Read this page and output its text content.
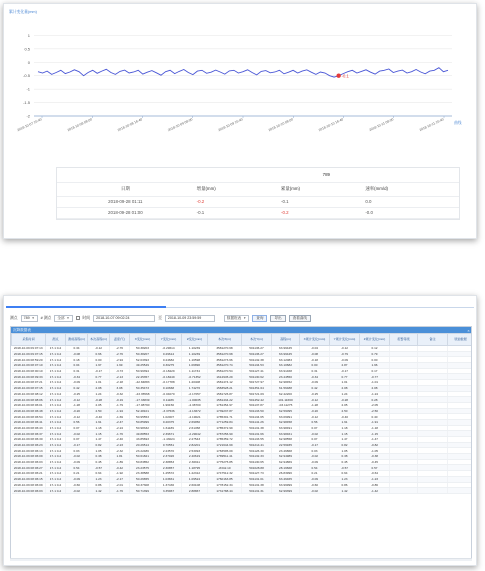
累计变化量(mm)
1
0.5
0
-0.5
-1
-1.5
-2
2018-10-07 16:40	2018-10-08 08:00	2018-10-08 16:40	2018-10-09 08:00	2018-10-09 16:40	2018-10-10 08:00	2018-10-10 16:40	2018-10-11 08:00	2018-10-11 16:40
-0.1
曲线
	789		
日期	增量(mm)	累量(mm)	速率(mm/d)
2018-09-28 01:11	-0.2	-0.1	0.0
2018-09-28 01:00	-0.1	-0.2	-0.0
测点 789 ▼ # 测点 全部 ▼	时间	2018-10-07 09:02:24	至	2018-10-09 23:59:59	数据报表 ▼	查询	导出	查看曲线
沉降数据表	×
采集时间	测点	测前高程(m)	本次高程(m)	温度(℃)	X变化(mm)	Y变化(mm)	Z变化(mm)	本次X(m)	本次Y(m)	高程(m)	X累计变化(mm)	Y累计变化(mm)	Z累计变化(mm)	报警等级	备注	原始数据
2018-10-09 09:07:13	17-1 0-2	0.34	-0.12	-2.76	50.38203	-0.29614	1.10239	3581270.68	501136.27	63.99445	-0.04	-0.12	0.12			
2018-10-09 09:07:15	17-1 0-2	-0.08	0.66	-2.76	50.38207	0.29614	1.10239	3581270.68	501136.27	63.99445	-0.08	-0.79	0.79			
2018-10-09 08:59:20	17-1 0-2	0.18	0.00	-2.94	52.03393	0.24682	1.16598	3581273.66	501132.38	63.12083	-0.18	-0.09	0.00			
2018-10-09 08:07:10	17-1 0-2	0.04	1.97	1.99	49.25549	0.30275	1.06890	3581270.74	501134.53	63.10682	0.00	2.87	1.96			
2018-10-09 08:00:10	17-1 0-2	0.31	-0.17	-3.73	50.99394	-0.18229	1.11734	3581270.54	501127.41	63.91468	0.31	-0.17	0.17			
2018-10-09 08:09:33	17-1 0-2	-0.34	0.77	-2.13	22.45357	-0.18249	-0.71352	1612945.29	501130.62	23.44550	-0.34	0.77	-0.77			
2018-10-09 08:07:21	17-1 0-2	-0.09	1.01	-2.18	-42.84883	-0.17788	1.20408	1581474.12	501727.97	62.98452	-0.09	1.01	-1.01			
2018-10-09 08:07:15	17-1 0-2	0.42	2.08	3.08	50.35473	0.10668	1.74276	1583528.21	501351.64	61.56488	0.42	2.08	2.08			
2018-10-09 08:08:12	17-1 0-2	-0.25	1.24	-0.32	-43.35568	-0.04070	-2.17057	1581726.87	501721.09	62.42200	-0.25	1.24	-1.24			
2018-10-09 08:08:06	17-1 0-2	-0.12	-0.28	-0.19	-17.33839	0.11186	-1.00035	1581434.22	501452.42	101.11660	-0.12	-0.28	0.28			
2018-10-09 08:06:01	17-1 0-2	-1.28	2.05	-1.79	-17.08790	1.96150	-4.38700	1781354.97	501137.87	-03.11275	-1.28	2.05	-2.05			
2018-10-09 08:06:48	17-1 0-2	-0.20	2.50	-1.94	52.48101	-3.37536	-4.13672	1739237.87	501133.50	62.59095	-0.20	2.50	-2.50			
2018-10-09 08:06:54	17-1 0-2	-0.12	-0.40	-1.69	50.95553	1.02007	-4.19021	1785301.71	501134.65	63.09991	-0.12	-0.40	0.40			
2018-10-09 08:06:41	17-1 0-2	0.56	1.91	-2.47	50.85999	0.20375	2.69950	1771259.84	501141.26	62.98458	0.56	1.91	-1.91			
2018-10-09 08:06:43	17-1 0-2	0.07	1.18	-2.24	50.98332	1.61189	2.61458	1785372.99	501131.38	63.98491	0.07	1.18	-1.18			
2018-10-09 08:06:37	17-1 0-2	-0.02	1.15	-1.76	49.88553	2.39671	-2.29042	1787256.90	501131.66	63.98461	-0.02	1.15	-1.15			
2018-10-09 08:06:30	17-1 0-2	0.07	1.47	-2.40	43.85693	-1.43024	2.27543	1785359.72	501133.55	62.98558	0.07	1.47	-1.47			
2018-10-09 08:06:23	17-1 0-2	-0.17	0.82	-2.23	20.26514	0.70551	2.82201	1721644.69	501214.41	22.59935	-0.17	0.82	-0.82			
2018-10-09 08:06:13	17-1 0-2	0.03	1.05	-2.32	23.22486	2.23570	2.53093	1783595.09	501126.30	23.46868	0.03	1.05	-1.05			
2018-10-09 08:06:09	17-1 0-2	-0.02	0.38	1.81	50.61821	2.37026	2.40619	1789511.41	501132.33	62.94989	-0.02	0.38	-0.38			
2018-10-09 08:06:03	17-1 0-2	-0.09	0.45	-1.89	50.83852	2.38853	2.36911	1775275.85	501130.65	62.94869	-0.09	0.45	-0.45			
2018-10-09 08:06:27	17-1 0-2	0.54	-0.57	-0.42	23.23575	2.30857	1.18795	-8342.10	501028.88	28.19668	0.54	-0.57	0.57			
2018-10-09 08:06:21	17-1 0-2	0.21	0.64	-1.92	23.38588	1.25572	1.22312	1747512.32	501127.73	26.83996	0.21	0.64	-0.64			
2018-10-09 08:06:15	17-1 0-2	-0.09	1.23	-2.17	50.26655	1.03831	1.09524	1760163.85	501131.01	63.46465	-0.09	1.23	-1.23			
2018-10-09 08:06:09	17-1 0-2	-0.60	0.86	-2.01	50.37308	1.37436	2.60108	1778152.34	501131.38	63.99999	-0.60	0.86	-0.86			
2018-10-09 08:06:03	17-1 0-2	-0.02	1.42	-1.76	50.71399	3.35967	2.88867	1731788.44	501131.31	62.99399	-0.02	1.42	-1.42			
